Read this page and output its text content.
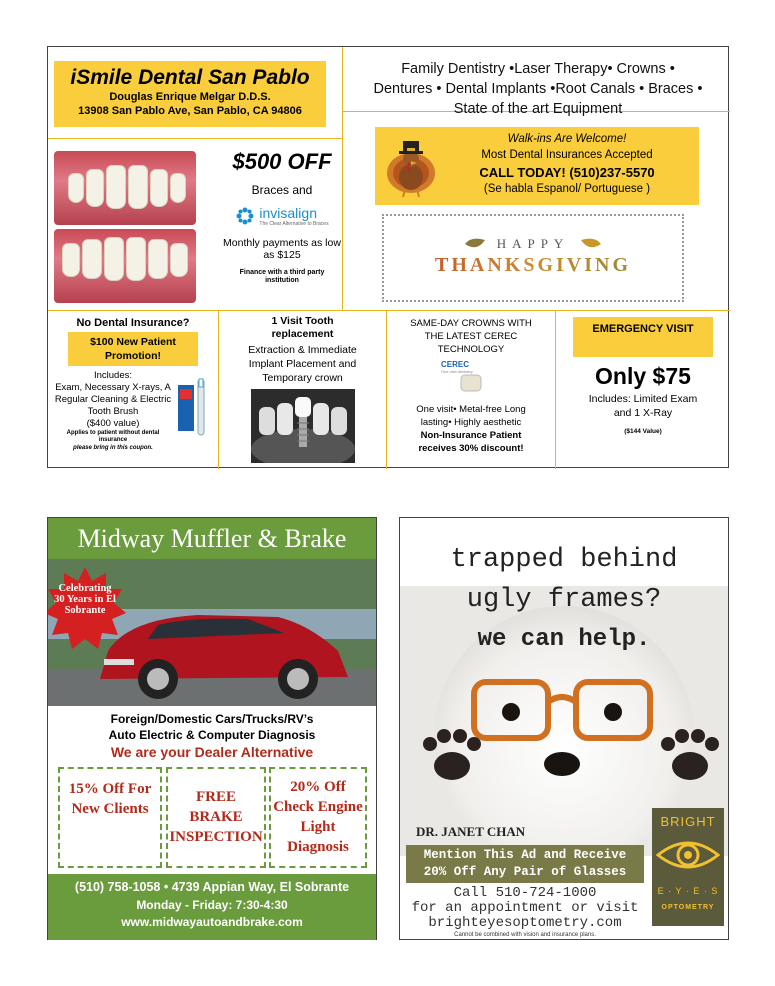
iSmile Dental San Pablo
Douglas Enrique Melgar D.D.S.
13908 San Pablo Ave, San Pablo, CA 94806
Family Dentistry •Laser Therapy• Crowns •
Dentures • Dental Implants •Root Canals • Braces •
State of the art Equipment
$500 OFF
Braces and
invisalign
The Clear Alternative to Braces
Monthly payments as low as $125
Finance with a third party institution
Walk-ins Are Welcome!
Most Dental Insurances Accepted
CALL TODAY! (510)237-5570
(Se habla Espanol/ Portuguese )
HAPPY
THANKSGIVING
No Dental Insurance?
$100 New Patient Promotion!
Includes:
Exam, Necessary X-rays, A Regular Cleaning & Electric Tooth Brush
($400 value)
Applies to patient without dental insurance
please bring in this coupon.
1 Visit Tooth replacement
Extraction & Immediate Implant Placement and Temporary crown
SAME-DAY CROWNS WITH THE LATEST CEREC TECHNOLOGY
CEREC
One visit dentistry
One visit• Metal-free Long lasting• Highly aesthetic
Non-Insurance Patient receives 30% discount!
EMERGENCY VISIT
Only $75
Includes: Limited Exam and 1 X-Ray
($144 Value)
Midway Muffler & Brake
Celebrating 30 Years in El Sobrante
Foreign/Domestic Cars/Trucks/RV’s
Auto Electric & Computer Diagnosis
We are your Dealer Alternative
15% Off For New Clients
FREE BRAKE INSPECTION
20% Off Check Engine Light Diagnosis
(510) 758-1058 • 4739 Appian Way, El Sobrante
Monday - Friday: 7:30-4:30
www.midwayautoandbrake.com
trapped behind
ugly frames?
we can help.
DR. JANET CHAN
Mention This Ad and Receive
20% Off Any Pair of Glasses
Call 510-724-1000
for an appointment or visit
brighteyesoptometry.com
Cannot be combined with vision and insurance plans.
BRIGHT
E · Y · E · S
OPTOMETRY
